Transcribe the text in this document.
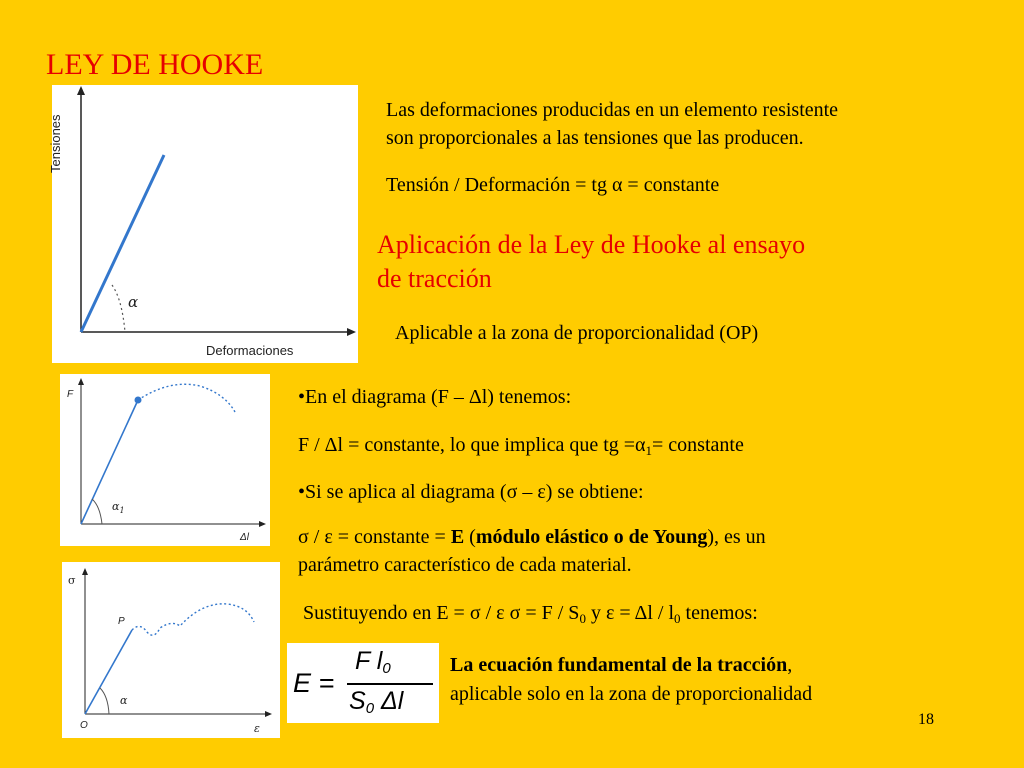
LEY DE HOOKE
Tensiones
Deformaciones
α
F
Δl
$\alpha_1$
σ
ε
P
O
α
Las deformaciones producidas en un elemento resistente
son proporcionales a las tensiones que las producen.
Tensión / Deformación = tg α = constante
Aplicación de la Ley de Hooke al ensayo
de tracción
Aplicable a la zona de proporcionalidad (OP)
•En el diagrama (F – Δl) tenemos:
F / Δl = constante, lo que implica que tg $=\alpha_1=$ constante
•Si se aplica al diagrama (σ – ε) se obtiene:
σ / ε = constante = E (módulo elástico o de Young), es un
parámetro característico de cada material.
Sustituyendo en E = σ / ε $\sigma = F / S_0$ y $\varepsilon = \Delta l / l_0$ tenemos:
E =
F $l_0$
$S_0$ Δl
La ecuación fundamental de la tracción,
aplicable solo en la zona de proporcionalidad
18
